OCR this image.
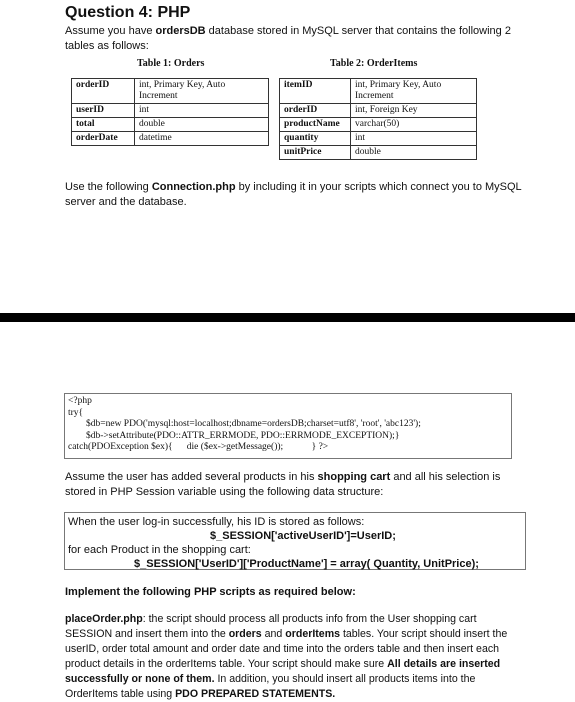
Question 4: PHP
Assume you have ordersDB database stored in MySQL server that contains the following 2 tables as follows:
Table 1: Orders	Table 2: OrderItems
orderID	int, Primary Key, Auto Increment
userID	int
total	double
orderDate	datetime
itemID	int, Primary Key, Auto Increment
orderID	int, Foreign Key
productName	varchar(50)
quantity	int
unitPrice	double
Use the following Connection.php by including it in your scripts which connect you to MySQL server and the database.
<?php
try{
$db=new PDO('mysql:host=localhost;dbname=ordersDB;charset=utf8', 'root', 'abc123');
$db->setAttribute(PDO::ATTR_ERRMODE, PDO::ERRMODE_EXCEPTION);}
catch(PDOException $ex){ die ($ex->getMessage());	} ?>
Assume the user has added several products in his shopping cart and all his selection is stored in PHP Session variable using the following data structure:
When the user log-in successfully, his ID is stored as follows:
$_SESSION['activeUserID']=UserID;
for each Product in the shopping cart:
$_SESSION['UserID']['ProductName'] = array( Quantity, UnitPrice);
Implement the following PHP scripts as required below:
placeOrder.php: the script should process all products info from the User shopping cart SESSION and insert them into the orders and orderItems tables. Your script should insert the userID, order total amount and order date and time into the orders table and then insert each product details in the orderItems table. Your script should make sure All details are inserted successfully or none of them. In addition, you should insert all products items into the OrderItems table using PDO PREPARED STATEMENTS.
